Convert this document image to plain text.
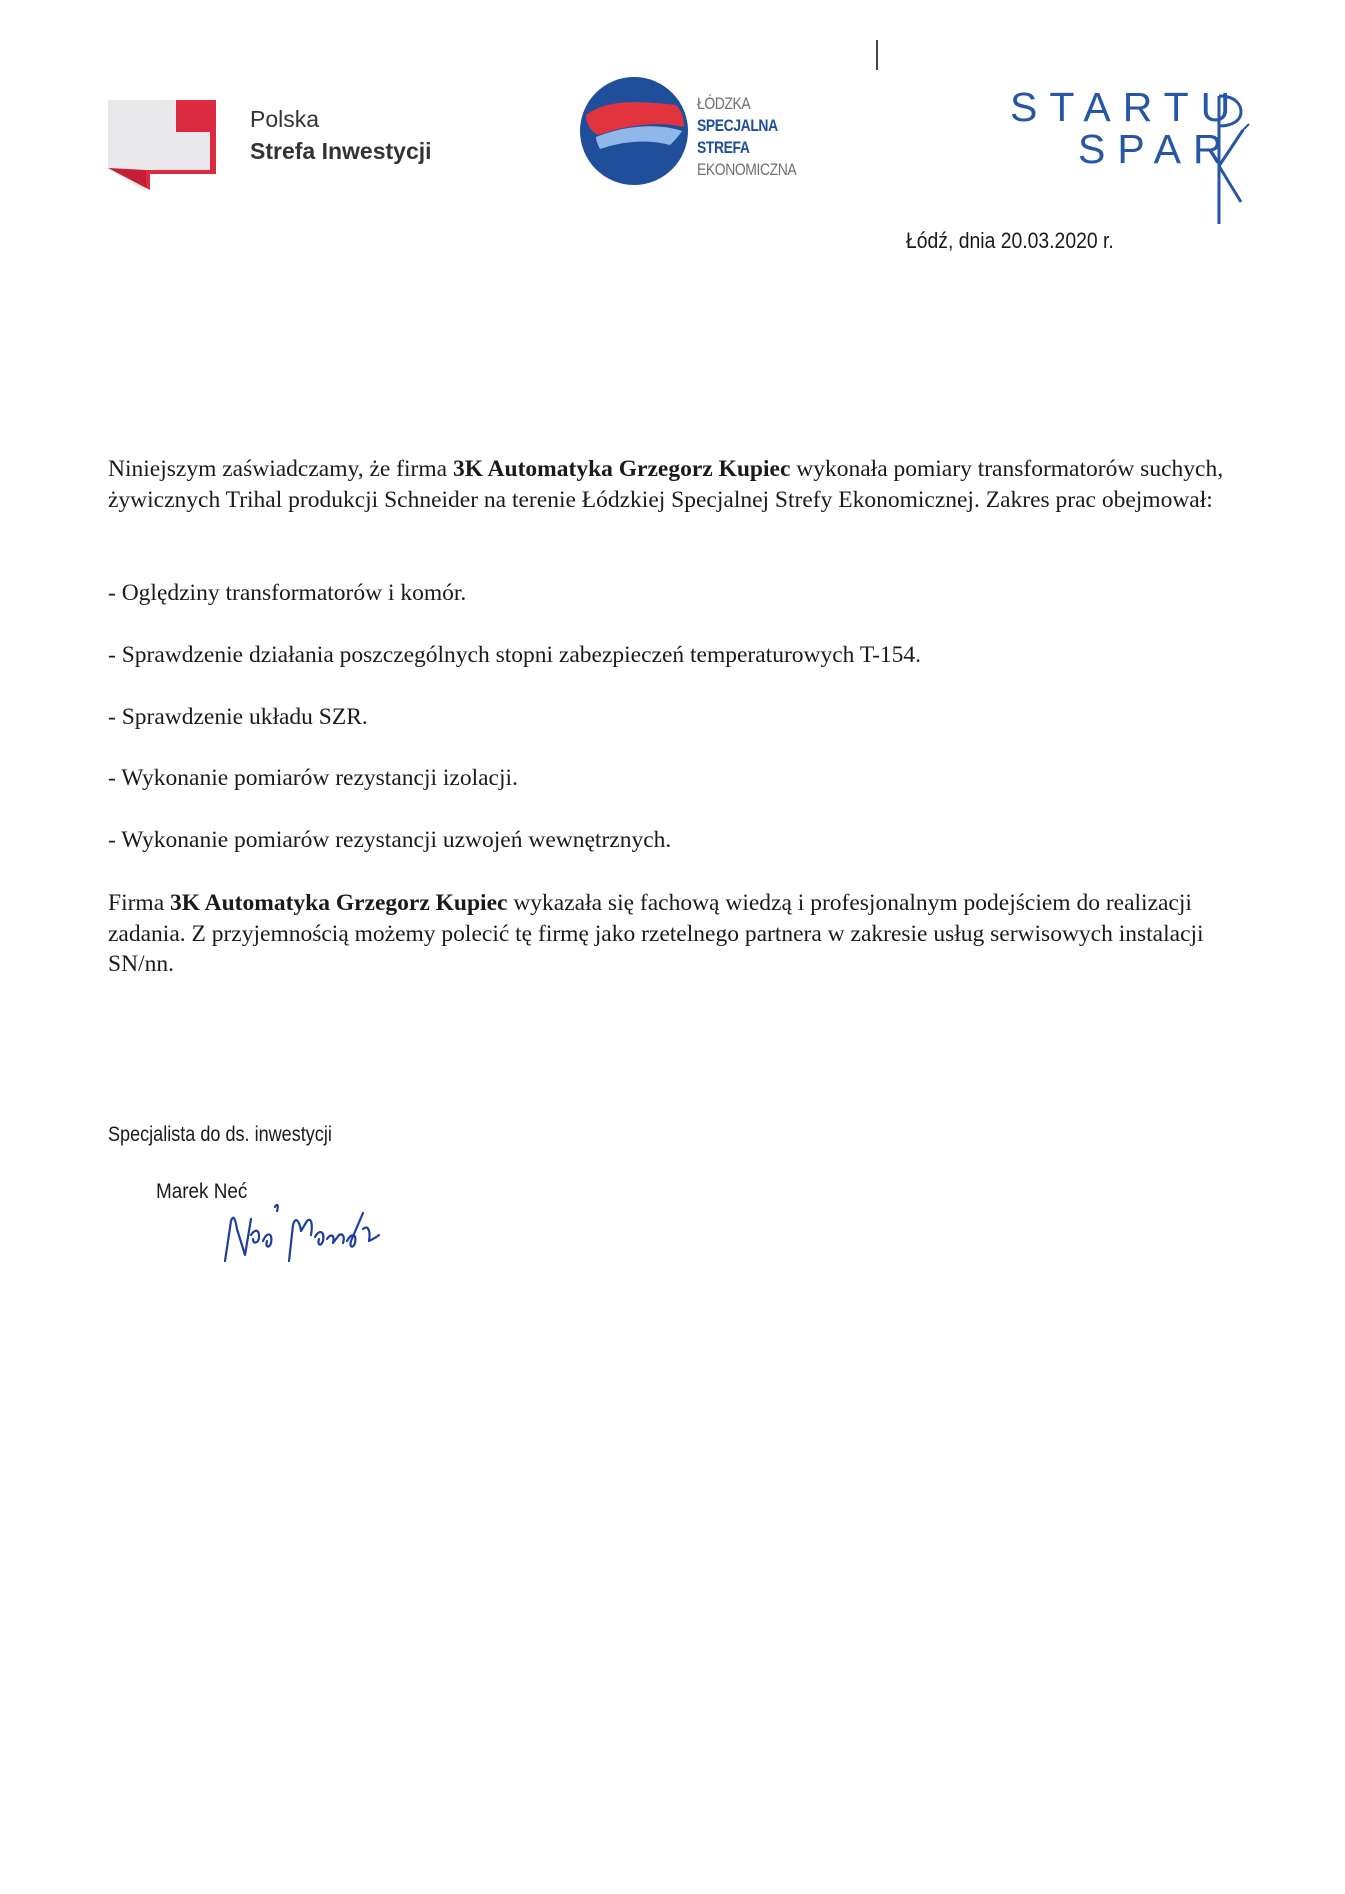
Polska
Strefa Inwestycji
ŁÓDZKA
SPECJALNA
STREFA
EKONOMICZNA
STARTU
SPAR
Łódź, dnia 20.03.2020 r.
Niniejszym zaświadczamy, że firma 3K Automatyka Grzegorz Kupiec wykonała pomiary transformatorów suchych, żywicznych Trihal produkcji Schneider na terenie Łódzkiej Specjalnej Strefy Ekonomicznej. Zakres prac obejmował:
- Oględziny transformatorów i komór.
- Sprawdzenie działania poszczególnych stopni zabezpieczeń temperaturowych T-154.
- Sprawdzenie układu SZR.
- Wykonanie pomiarów rezystancji izolacji.
- Wykonanie pomiarów rezystancji uzwojeń wewnętrznych.
Firma 3K Automatyka Grzegorz Kupiec wykazała się fachową wiedzą i profesjonalnym podejściem do realizacji zadania. Z przyjemnością możemy polecić tę firmę jako rzetelnego partnera w zakresie usług serwisowych instalacji SN/nn.
Specjalista do ds. inwestycji
Marek Neć
